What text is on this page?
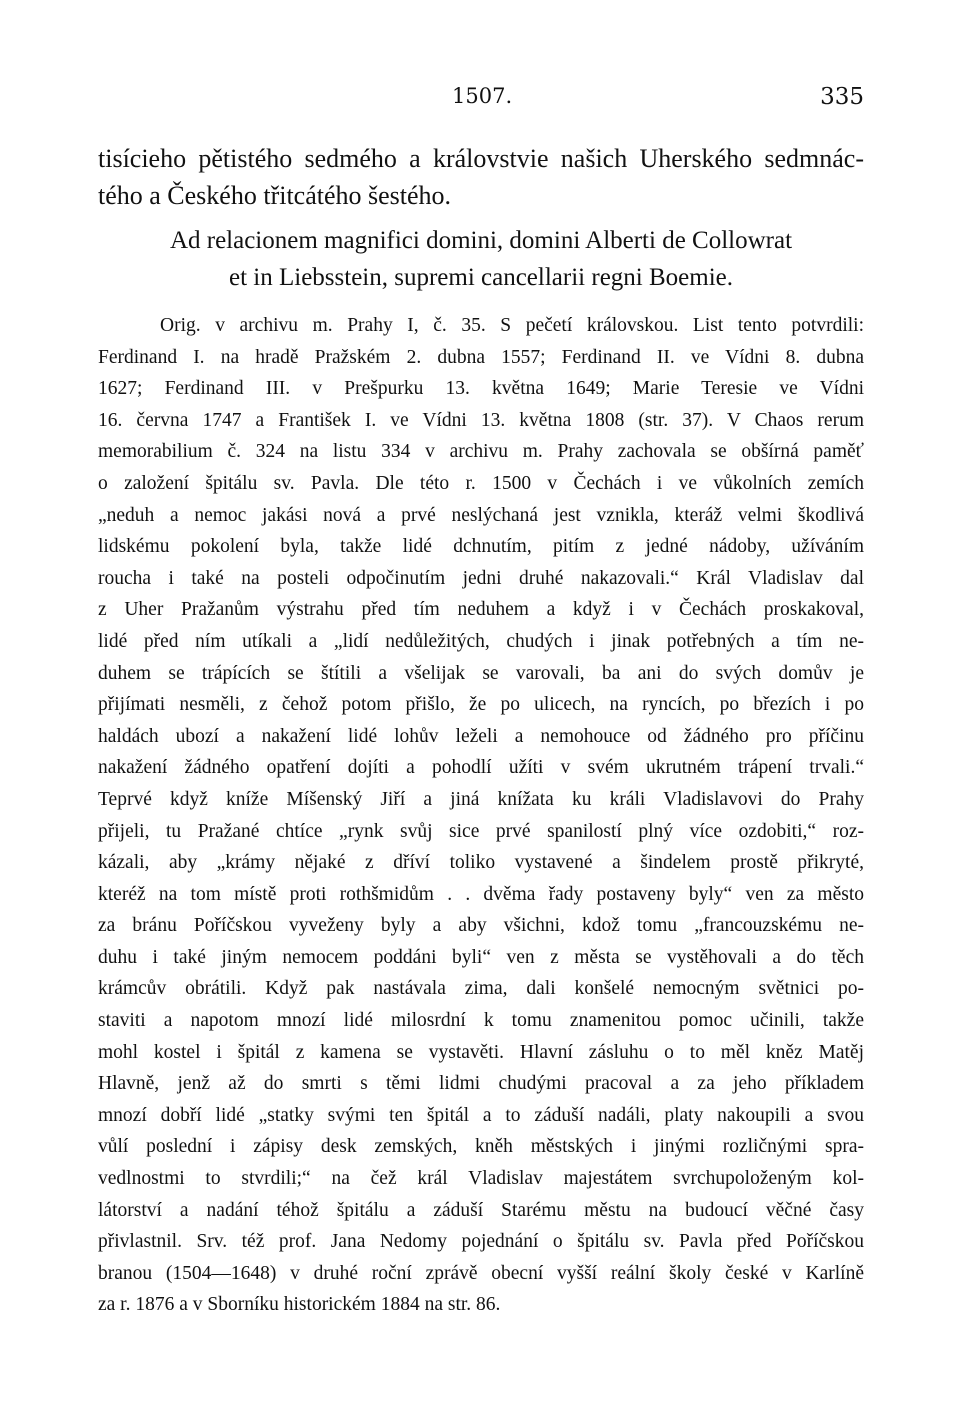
1507.	335
tisícieho pětistého sedmého a královstvie našich Uherského sedmnác-
tého a Českého třitcátého šestého.
Ad relacionem magnifici domini, domini Alberti de Collowrat
et in Liebsstein, supremi cancellarii regni Boemie.
Orig. v archivu m. Prahy I, č. 35. S pečetí královskou. List tento potvrdili:
Ferdinand I. na hradě Pražském 2. dubna 1557; Ferdinand II. ve Vídni 8. dubna
1627; Ferdinand III. v Prešpurku 13. května 1649; Marie Teresie ve Vídni
16. června 1747 a František I. ve Vídni 13. května 1808 (str. 37). V Chaos rerum
memorabilium č. 324 na listu 334 v archivu m. Prahy zachovala se obšírná paměť
o založení špitálu sv. Pavla. Dle této r. 1500 v Čechách i ve vůkolních zemích
„neduh a nemoc jakási nová a prvé neslýchaná jest vznikla, kteráž velmi škodlivá
lidskému pokolení byla, takže lidé dchnutím, pitím z jedné nádoby, užíváním
roucha i také na posteli odpočinutím jedni druhé nakazovali.“ Král Vladislav dal
z Uher Pražanům výstrahu před tím neduhem a když i v Čechách proskakoval,
lidé před ním utíkali a „lidí nedůležitých, chudých i jinak potřebných a tím ne-
duhem se trápících se štítili a všelijak se varovali, ba ani do svých domův je
přijímati nesměli, z čehož potom přišlo, že po ulicech, na ryncích, po březích i po
haldách ubozí a nakažení lidé lohův leželi a nemohouce od žádného pro příčinu
nakažení žádného opatření dojíti a pohodlí užíti v svém ukrutném trápení trvali.“
Teprvé když kníže Míšenský Jiří a jiná knížata ku králi Vladislavovi do Prahy
přijeli, tu Pražané chtíce „rynk svůj sice prvé spanilostí plný více ozdobiti,“ roz-
kázali, aby „krámy nějaké z dříví toliko vystavené a šindelem prostě přikryté,
kteréž na tom místě proti rothšmidům . . dvěma řady postaveny byly“ ven za město
za bránu Poříčskou vyveženy byly a aby všichni, kdož tomu „francouzskému ne-
duhu i také jiným nemocem poddáni byli“ ven z města se vystěhovali a do těch
krámcův obrátili. Když pak nastávala zima, dali konšelé nemocným světnici po-
staviti a napotom mnozí lidé milosrdní k tomu znamenitou pomoc učinili, takže
mohl kostel i špitál z kamena se vystavěti. Hlavní zásluhu o to měl kněz Matěj
Hlavně, jenž až do smrti s těmi lidmi chudými pracoval a za jeho příkladem
mnozí dobří lidé „statky svými ten špitál a to záduší nadáli, platy nakoupili a svou
vůlí poslední i zápisy desk zemských, kněh městských i jinými rozličnými spra-
vedlnostmi to stvrdili;“ na čež král Vladislav majestátem svrchupoloženým kol-
látorství a nadání téhož špitálu a záduší Starému městu na budoucí věčné časy
přivlastnil. Srv. též prof. Jana Nedomy pojednání o špitálu sv. Pavla před Poříčskou
branou (1504—1648) v druhé roční zprávě obecní vyšší reální školy české v Karlíně
za r. 1876 a v Sborníku historickém 1884 na str. 86.
